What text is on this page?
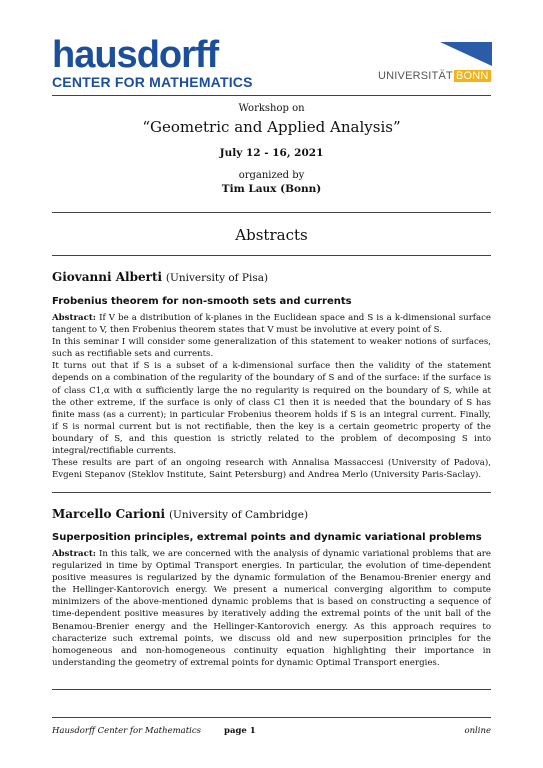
hausdorff
CENTER FOR MATHEMATICS	UNIVERSITÄT BONN
Workshop on
“Geometric and Applied Analysis”
July 12 - 16, 2021
organized by
Tim Laux (Bonn)
Abstracts
Giovanni Alberti (University of Pisa)
Frobenius theorem for non-smooth sets and currents

Abstract: If V be a distribution of k-planes in the Euclidean space and S is a k-dimensional surface tangent to V, then Frobenius theorem states that V must be involutive at every point of S.

In this seminar I will consider some generalization of this statement to weaker notions of surfaces, such as rectifiable sets and currents.

It turns out that if S is a subset of a k-dimensional surface then the validity of the statement depends on a combination of the regularity of the boundary of S and of the surface: if the surface is of class C1,α with α sufficiently large the no regularity is required on the boundary of S, while at the other extreme, if the surface is only of class C1 then it is needed that the boundary of S has finite mass (as a current); in particular Frobenius theorem holds if S is an integral current. Finally, if S is normal current but is not rectifiable, then the key is a certain geometric property of the boundary of S, and this question is strictly related to the problem of decomposing S into integral/rectifiable currents.

These results are part of an ongoing research with Annalisa Massaccesi (University of Padova), Evgeni Stepanov (Steklov Institute, Saint Petersburg) and Andrea Merlo (University Paris-Saclay).

Marcello Carioni (University of Cambridge)
Superposition principles, extremal points and dynamic variational problems

Abstract: In this talk, we are concerned with the analysis of dynamic variational problems that are regularized in time by Optimal Transport energies. In particular, the evolution of time-dependent positive measures is regularized by the dynamic formulation of the Benamou-Brenier energy and the Hellinger-Kantorovich energy. We present a numerical converging algorithm to compute minimizers of the above-mentioned dynamic problems that is based on constructing a sequence of time-dependent positive measures by iteratively adding the extremal points of the unit ball of the Benamou-Brenier energy and the Hellinger-Kantorovich energy. As this approach requires to characterize such extremal points, we discuss old and new superposition principles for the homogeneous and non-homogeneous continuity equation highlighting their importance in understanding the geometry of extremal points for dynamic Optimal Transport energies.

Hausdorff Center for Mathematics	page 1	online
